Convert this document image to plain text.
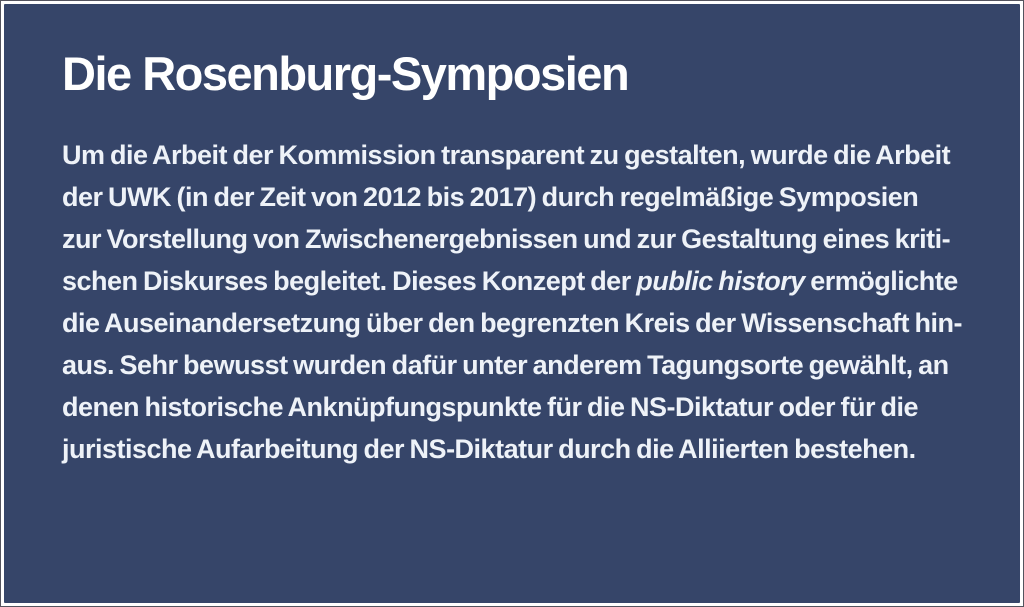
Die Rosenburg-Symposien

Um die Arbeit der Kommission transparent zu gestalten, wurde die Arbeit
der UWK (in der Zeit von 2012 bis 2017) durch regelmäßige Symposien
zur Vorstellung von Zwischenergebnissen und zur Gestaltung eines kriti-
schen Diskurses begleitet. Dieses Konzept der public history ermöglichte
die Auseinandersetzung über den begrenzten Kreis der Wissenschaft hin-
aus. Sehr bewusst wurden dafür unter anderem Tagungsorte gewählt, an
denen historische Anknüpfungspunkte für die NS-Diktatur oder für die
juristische Aufarbeitung der NS-Diktatur durch die Alliierten bestehen.
